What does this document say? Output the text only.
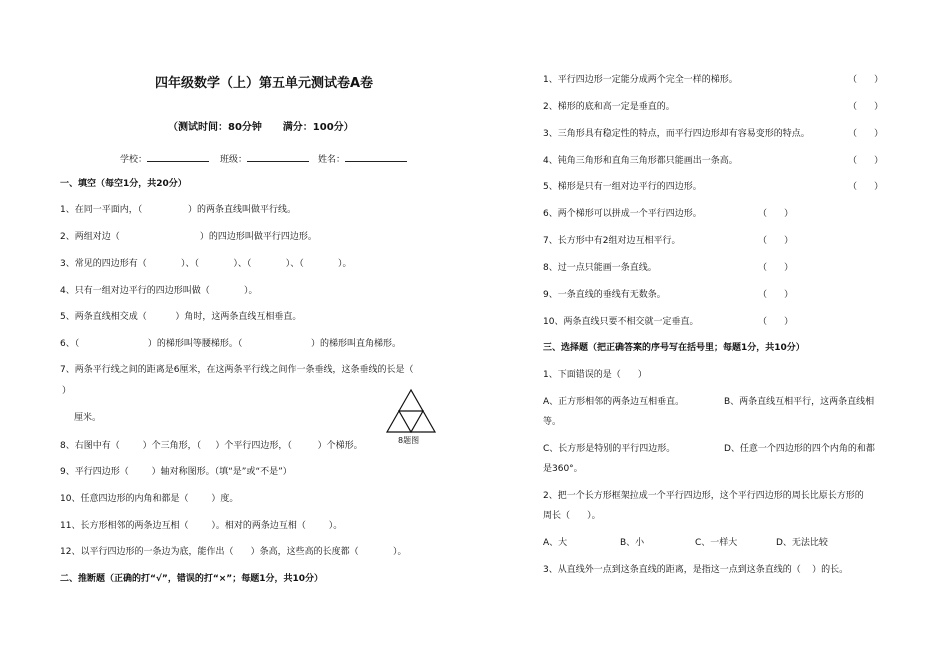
四年级数学（上）第五单元测试卷A卷
（测试时间：80分钟      满分：100分）
学校：	班级：	姓名：
一、填空（每空1分，共20分）
1、在同一平面内，（                ）的两条直线叫做平行线。
2、两组对边（                            ）的四边形叫做平行四边形。
3、常见的四边形有（            ）、（            ）、（            ）、（            ）。
4、只有一组对边平行的四边形叫做（            ）。
5、两条直线相交成（          ）角时，这两条直线互相垂直。
6、（                        ）的梯形叫等腰梯形。（                        ）的梯形叫直角梯形。
7、两条平行线之间的距离是6厘米，在这两条平行线之间作一条垂线，这条垂线的长是（
）
厘米。
8题图
8、右图中有（        ）个三角形，（     ）个平行四边形，（         ）个梯形。
9、平行四边形（        ）轴对称图形。（填“是”或“不是”）
10、任意四边形的内角和都是（        ）度。
11、长方形相邻的两条边互相（        ）。相对的两条边互相（        ）。
12、以平行四边形的一条边为底，能作出（      ）条高，这些高的长度都（            ）。
二、推断题（正确的打“√”，错误的打“×”；每题1分，共10分）
1、平行四边形一定能分成两个完全一样的梯形。	（      ）
2、梯形的底和高一定是垂直的。	（      ）
3、三角形具有稳定性的特点，而平行四边形却有容易变形的特点。	（      ）
4、钝角三角形和直角三角形都只能画出一条高。	（      ）
5、梯形是只有一组对边平行的四边形。	（      ）
6、两个梯形可以拼成一个平行四边形。	（      ）
7、长方形中有2组对边互相平行。	（      ）
8、过一点只能画一条直线。	（      ）
9、一条直线的垂线有无数条。	（      ）
10、两条直线只要不相交就一定垂直。	（      ）
三、选择题（把正确答案的序号写在括号里；每题1分，共10分）
1、下面错误的是（      ）
A、正方形相邻的两条边互相垂直。	B、两条直线互相平行，这两条直线相
等。
C、长方形是特别的平行四边形。	D、任意一个四边形的四个内角的和都
是360°。
2、把一个长方形框架拉成一个平行四边形，这个平行四边形的周长比原长方形的
周长（      ）。
A、大	B、小	C、一样大	D、无法比较
3、从直线外一点到这条直线的距离，是指这一点到这条直线的（    ）的长。
